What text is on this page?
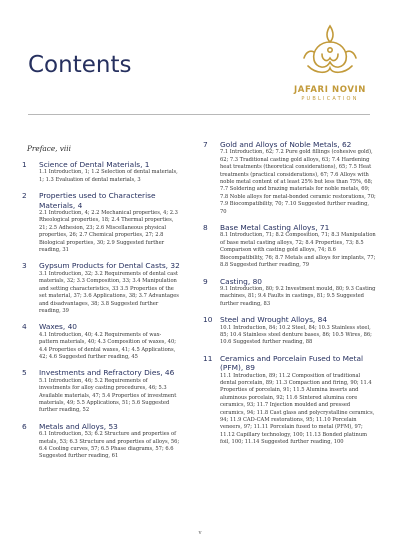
JAFARI NOVIN
PUBLICATION
Contents
Preface, viii
1	Science of Dental Materials, 1
1.1 Introduction, 1; 1.2 Selection of dental materials, 1; 1.3 Evaluation of dental materials, 3
2	Properties used to Characterise Materials, 4
2.1 Introduction, 4; 2.2 Mechanical properties, 4; 2.3 Rheological properties, 18; 2.4 Thermal properties, 21; 2.5 Adhesion, 23; 2.6 Miscellaneous physical properties, 26; 2.7 Chemical properties, 27; 2.8 Biological properties, 30; 2.9 Suggested further reading, 31
3	Gypsum Products for Dental Casts, 32
3.1 Introduction, 32; 3.2 Requirements of dental cast materials, 32; 3.3 Composition, 33; 3.4 Manipulation and setting characteristics, 33 3.5 Properties of the set material, 37; 3.6 Applications, 38; 3.7 Advantages and disadvantages, 38; 3.8 Suggested further reading, 39
4	Waxes, 40
4.1 Introduction, 40; 4.2 Requirements of wax-pattern materials, 40; 4.3 Composition of waxes, 40; 4.4 Properties of dental waxes, 41; 4.5 Applications, 42; 4.6 Suggested further reading, 45
5	Investments and Refractory Dies, 46
5.1 Introduction, 46; 5.2 Requirements of investments for alloy casting procedures, 46; 5.3 Available materials, 47; 5.4 Properties of investment materials, 49; 5.5 Applications, 51; 5.6 Suggested further reading, 52
6	Metals and Alloys, 53
6.1 Introduction, 53; 6.2 Structure and properties of metals, 53; 6.3 Structure and properties of alloys, 56; 6.4 Cooling curves, 57; 6.5 Phase diagrams, 57; 6.6 Suggested further reading, 61
7	Gold and Alloys of Noble Metals, 62
7.1 Introduction, 62; 7.2 Pure gold fillings (cohesive gold), 62; 7.3 Traditional casting gold alloys, 63; 7.4 Hardening heat treatments (theoretical considerations), 65; 7.5 Heat treatments (practical considerations), 67; 7.6 Alloys with noble metal content of at least 25% but less than 75%, 68; 7.7 Soldering and brazing materials for noble metals, 69; 7.8 Noble alloys for metal-bonded ceramic restorations, 70; 7.9 Biocompatibility, 70; 7.10 Suggested further reading, 70
8	Base Metal Casting Alloys, 71
8.1 Introduction, 71; 8.2 Composition, 71; 8.3 Manipulation of base metal casting alloys, 72; 8.4 Properties, 73; 8.5 Comparison with casting gold alloys, 74; 8.6 Biocompatibility, 76; 8.7 Metals and alloys for implants, 77; 8.8 Suggested further reading, 79
9	Casting, 80
9.1 Introduction, 80; 9.2 Investment mould, 80; 9.3 Casting machines, 81; 9.4 Faults in castings, 81; 9.5 Suggested further reading, 83
10	Steel and Wrought Alloys, 84
10.1 Introduction, 84; 10.2 Steel, 84; 10.3 Stainless steel, 85; 10.4 Stainless steel denture bases, 86; 10.5 Wires, 86; 10.6 Suggested further reading, 88
11	Ceramics and Porcelain Fused to Metal (PFM), 89
11.1 Introduction, 89; 11.2 Composition of traditional dental porcelain, 89; 11.3 Compaction and firing, 90; 11.4 Properties of porcelain, 91; 11.5 Alumina inserts and aluminous porcelain, 92; 11.6 Sintered alumina core ceramics, 93; 11.7 Injection moulded and pressed ceramics, 94; 11.8 Cast glass and polycrystalline ceramics, 94; 11.9 CAD-CAM restorations, 95; 11.10 Porcelain veneers, 97; 11.11 Porcelain fused to metal (PFM), 97; 11.12 Capillary technology, 100; 11.13 Bonded platinum foil, 100; 11.14 Suggested further reading, 100
v
